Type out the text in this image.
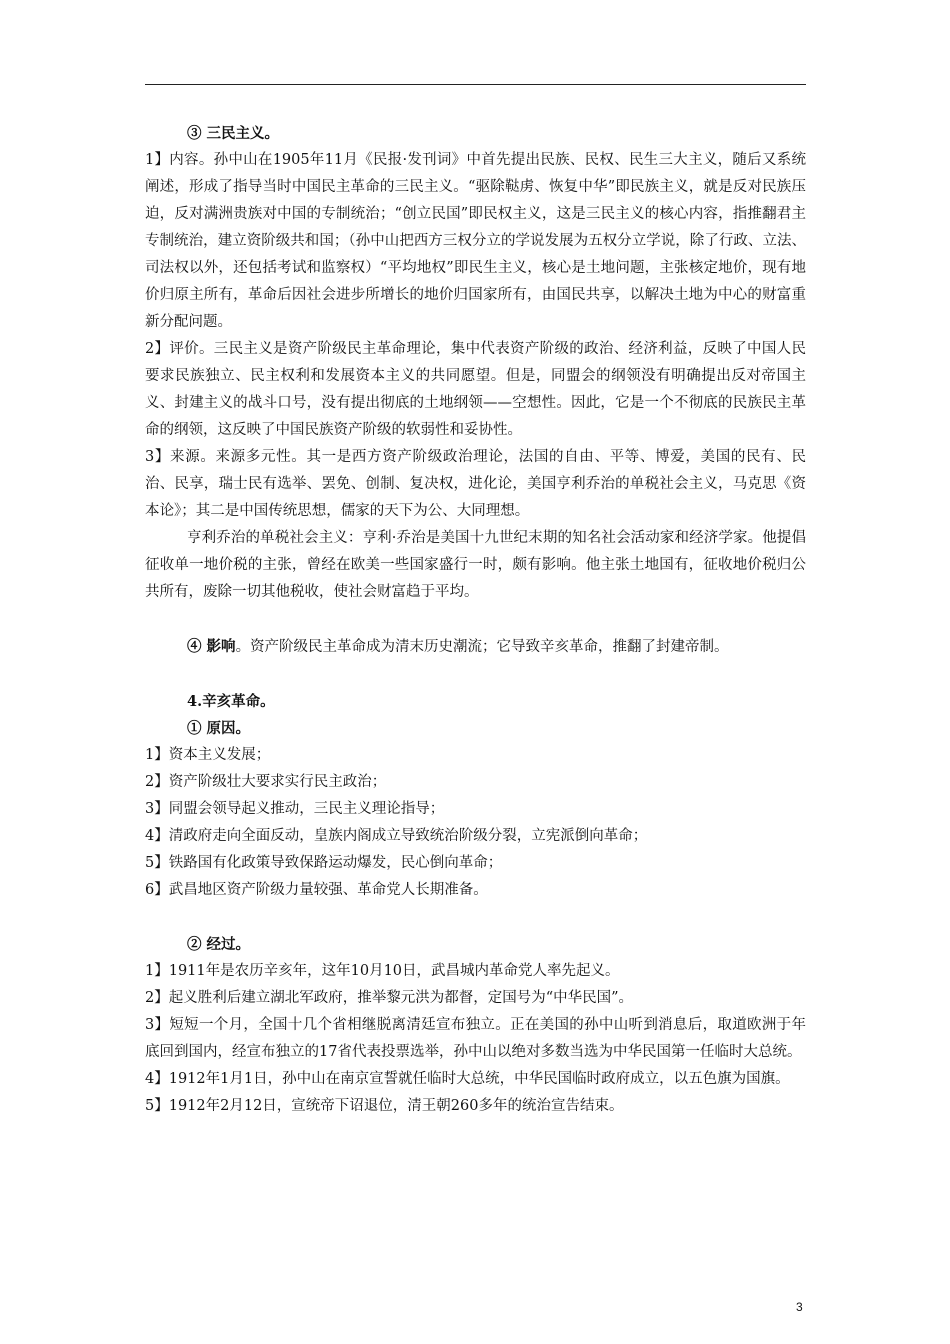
③ 三民主义。

1】内容。孙中山在1905年11月《民报·发刊词》中首先提出民族、民权、民生三大主义，随后又系统阐述，形成了指导当时中国民主革命的三民主义。“驱除鞑虏、恢复中华”即民族主义，就是反对民族压迫，反对满洲贵族对中国的专制统治；“创立民国”即民权主义，这是三民主义的核心内容，指推翻君主专制统治，建立资阶级共和国；（孙中山把西方三权分立的学说发展为五权分立学说，除了行政、立法、司法权以外，还包括考试和监察权）“平均地权”即民生主义，核心是土地问题，主张核定地价，现有地价归原主所有，革命后因社会进步所增长的地价归国家所有，由国民共享，以解决土地为中心的财富重新分配问题。

2】评价。三民主义是资产阶级民主革命理论，集中代表资产阶级的政治、经济利益，反映了中国人民要求民族独立、民主权利和发展资本主义的共同愿望。但是，同盟会的纲领没有明确提出反对帝国主义、封建主义的战斗口号，没有提出彻底的土地纲领——空想性。因此，它是一个不彻底的民族民主革命的纲领，这反映了中国民族资产阶级的软弱性和妥协性。

3】来源。来源多元性。其一是西方资产阶级政治理论，法国的自由、平等、博爱，美国的民有、民治、民享，瑞士民有选举、罢免、创制、复决权，进化论，美国亨利乔治的单税社会主义，马克思《资本论》；其二是中国传统思想，儒家的天下为公、大同理想。

亨利乔治的单税社会主义：亨利·乔治是美国十九世纪末期的知名社会活动家和经济学家。他提倡征收单一地价税的主张，曾经在欧美一些国家盛行一时，颇有影响。他主张土地国有，征收地价税归公共所有，废除一切其他税收，使社会财富趋于平均。

④ 影响。资产阶级民主革命成为清末历史潮流；它导致辛亥革命，推翻了封建帝制。

4.辛亥革命。

① 原因。

1】资本主义发展；

2】资产阶级壮大要求实行民主政治；

3】同盟会领导起义推动，三民主义理论指导；

4】清政府走向全面反动，皇族内阁成立导致统治阶级分裂，立宪派倒向革命；

5】铁路国有化政策导致保路运动爆发，民心倒向革命；

6】武昌地区资产阶级力量较强、革命党人长期准备。

② 经过。

1】1911年是农历辛亥年，这年10月10日，武昌城内革命党人率先起义。

2】起义胜利后建立湖北军政府，推举黎元洪为都督，定国号为“中华民国”。

3】短短一个月，全国十几个省相继脱离清廷宣布独立。正在美国的孙中山听到消息后，取道欧洲于年底回到国内，经宣布独立的17省代表投票选举，孙中山以绝对多数当选为中华民国第一任临时大总统。

4】1912年1月1日，孙中山在南京宣誓就任临时大总统，中华民国临时政府成立，以五色旗为国旗。

5】1912年2月12日，宣统帝下诏退位，清王朝260多年的统治宣告结束。

3
